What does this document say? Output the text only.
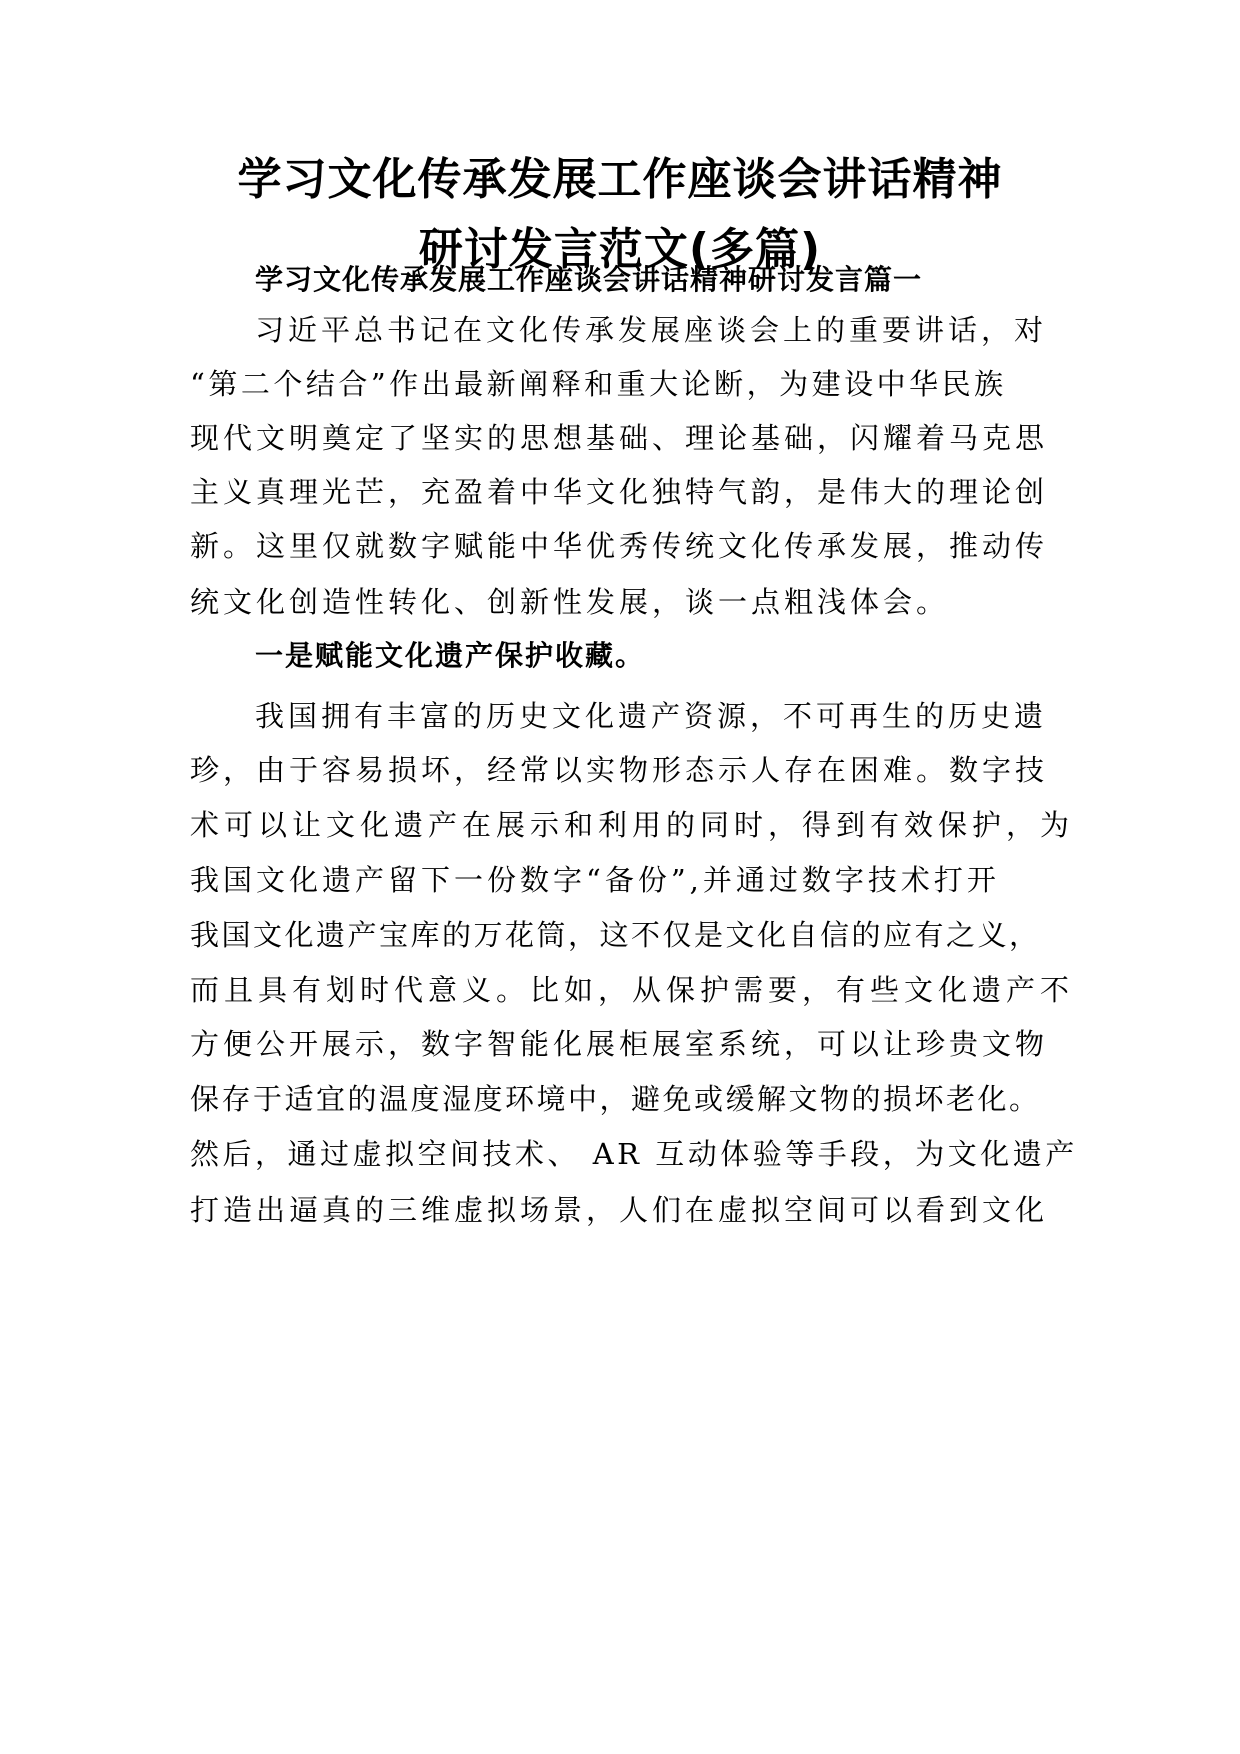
学习文化传承发展工作座谈会讲话精神
研讨发言范文(多篇)
学习文化传承发展工作座谈会讲话精神研讨发言篇一
习近平总书记在文化传承发展座谈会上的重要讲话，对
“第二个结合”作出最新阐释和重大论断，为建设中华民族
现代文明奠定了坚实的思想基础、理论基础，闪耀着马克思
主义真理光芒，充盈着中华文化独特气韵，是伟大的理论创
新。这里仅就数字赋能中华优秀传统文化传承发展，推动传
统文化创造性转化、创新性发展，谈一点粗浅体会。
一是赋能文化遗产保护收藏。
我国拥有丰富的历史文化遗产资源，不可再生的历史遗
珍，由于容易损坏，经常以实物形态示人存在困难。数字技
术可以让文化遗产在展示和利用的同时，得到有效保护，为
我国文化遗产留下一份数字“备份”,并通过数字技术打开
我国文化遗产宝库的万花筒，这不仅是文化自信的应有之义，
而且具有划时代意义。比如，从保护需要，有些文化遗产不
方便公开展示，数字智能化展柜展室系统，可以让珍贵文物
保存于适宜的温度湿度环境中，避免或缓解文物的损坏老化。
然后，通过虚拟空间技术、 AR 互动体验等手段，为文化遗产
打造出逼真的三维虚拟场景，人们在虚拟空间可以看到文化
